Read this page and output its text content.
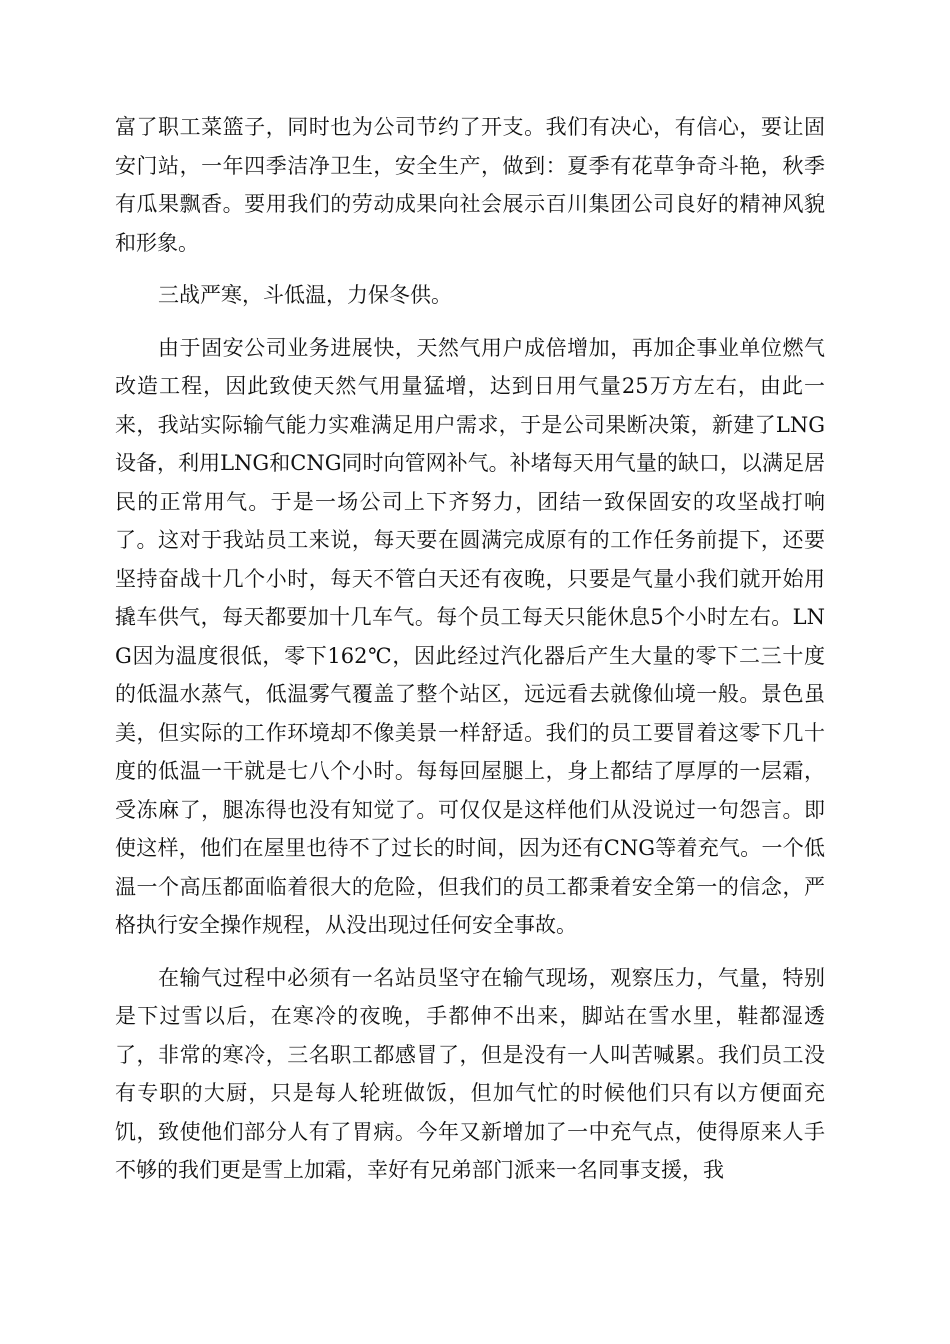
富了职工菜篮子，同时也为公司节约了开支。我们有决心，有信心，要让固安门站，一年四季洁净卫生，安全生产，做到：夏季有花草争奇斗艳，秋季有瓜果飘香。要用我们的劳动成果向社会展示百川集团公司良好的精神风貌和形象。

三战严寒，斗低温，力保冬供。

由于固安公司业务进展快，天然气用户成倍增加，再加企事业单位燃气改造工程，因此致使天然气用量猛增，达到日用气量25万方左右，由此一来，我站实际输气能力实难满足用户需求，于是公司果断决策，新建了LNG设备，利用LNG和CNG同时向管网补气。补堵每天用气量的缺口，以满足居民的正常用气。于是一场公司上下齐努力，团结一致保固安的攻坚战打响了。这对于我站员工来说，每天要在圆满完成原有的工作任务前提下，还要坚持奋战十几个小时，每天不管白天还有夜晚，只要是气量小我们就开始用撬车供气，每天都要加十几车气。每个员工每天只能休息5个小时左右。LNG因为温度很低，零下162℃，因此经过汽化器后产生大量的零下二三十度的低温水蒸气，低温雾气覆盖了整个站区，远远看去就像仙境一般。景色虽美，但实际的工作环境却不像美景一样舒适。我们的员工要冒着这零下几十度的低温一干就是七八个小时。每每回屋腿上，身上都结了厚厚的一层霜，受冻麻了，腿冻得也没有知觉了。可仅仅是这样他们从没说过一句怨言。即使这样，他们在屋里也待不了过长的时间，因为还有CNG等着充气。一个低温一个高压都面临着很大的危险，但我们的员工都秉着安全第一的信念，严格执行安全操作规程，从没出现过任何安全事故。

在输气过程中必须有一名站员坚守在输气现场，观察压力，气量，特别是下过雪以后，在寒冷的夜晚，手都伸不出来，脚站在雪水里，鞋都湿透了，非常的寒冷，三名职工都感冒了，但是没有一人叫苦喊累。我们员工没有专职的大厨，只是每人轮班做饭，但加气忙的时候他们只有以方便面充饥，致使他们部分人有了胃病。今年又新增加了一中充气点，使得原来人手不够的我们更是雪上加霜，幸好有兄弟部门派来一名同事支援，我
